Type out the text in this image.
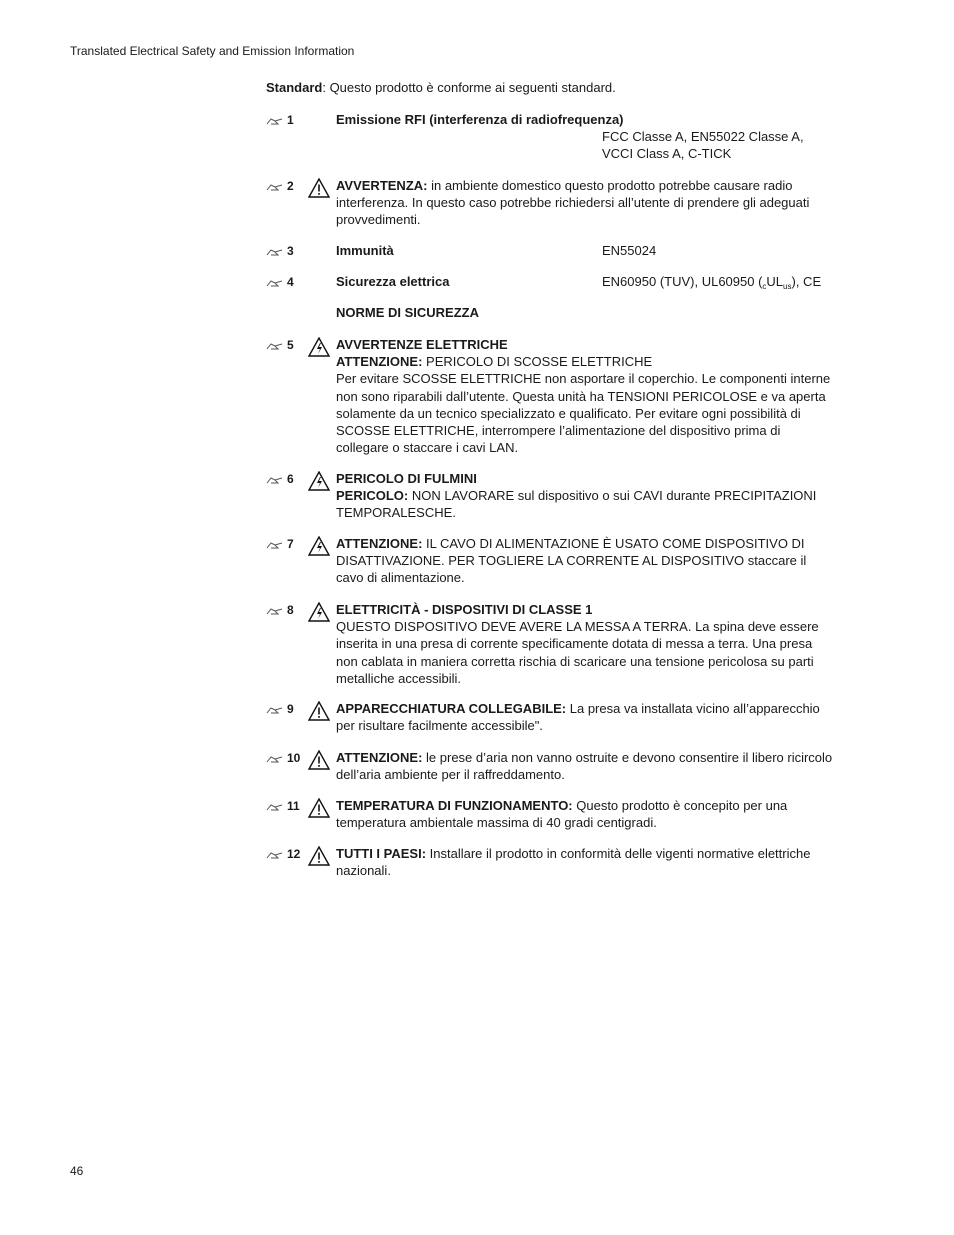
Translated Electrical Safety and Emission Information
Standard: Questo prodotto è conforme ai seguenti standard.
1	Emissione RFI (interferenza di radiofrequenza)
FCC Classe A, EN55022 Classe A,
VCCI Class A, C-TICK
2	AVVERTENZA: in ambiente domestico questo prodotto potrebbe causare radio interferenza. In questo caso potrebbe richiedersi all’utente di prendere gli adeguati provvedimenti.
3	Immunità	EN55024
4	Sicurezza elettrica	EN60950 (TUV), UL60950 $(_cUL_{us})$, CE
NORME DI SICUREZZA
5	AVVERTENZE ELETTRICHE
ATTENZIONE: PERICOLO DI SCOSSE ELETTRICHE
Per evitare SCOSSE ELETTRICHE non asportare il coperchio. Le componenti interne non sono riparabili dall’utente. Questa unità ha TENSIONI PERICOLOSE e va aperta solamente da un tecnico specializzato e qualificato. Per evitare ogni possibilità di SCOSSE ELETTRICHE, interrompere l’alimentazione del dispositivo prima di collegare o staccare i cavi LAN.
6	PERICOLO DI FULMINI
PERICOLO: NON LAVORARE sul dispositivo o sui CAVI durante PRECIPITAZIONI TEMPORALESCHE.
7	ATTENZIONE: IL CAVO DI ALIMENTAZIONE È USATO COME DISPOSITIVO DI DISATTIVAZIONE. PER TOGLIERE LA CORRENTE AL DISPOSITIVO staccare il cavo di alimentazione.
8	ELETTRICITÀ - DISPOSITIVI DI CLASSE 1
QUESTO DISPOSITIVO DEVE AVERE LA MESSA A TERRA. La spina deve essere inserita in una presa di corrente specificamente dotata di messa a terra. Una presa non cablata in maniera corretta rischia di scaricare una tensione pericolosa su parti metalliche accessibili.
9	APPARECCHIATURA COLLEGABILE: La presa va installata vicino all’apparecchio per risultare facilmente accessibile".
10	ATTENZIONE: le prese d’aria non vanno ostruite e devono consentire il libero ricircolo dell’aria ambiente per il raffreddamento.
11	TEMPERATURA DI FUNZIONAMENTO: Questo prodotto è concepito per una temperatura ambientale massima di 40 gradi centigradi.
12	TUTTI I PAESI: Installare il prodotto in conformità delle vigenti normative elettriche nazionali.
46
